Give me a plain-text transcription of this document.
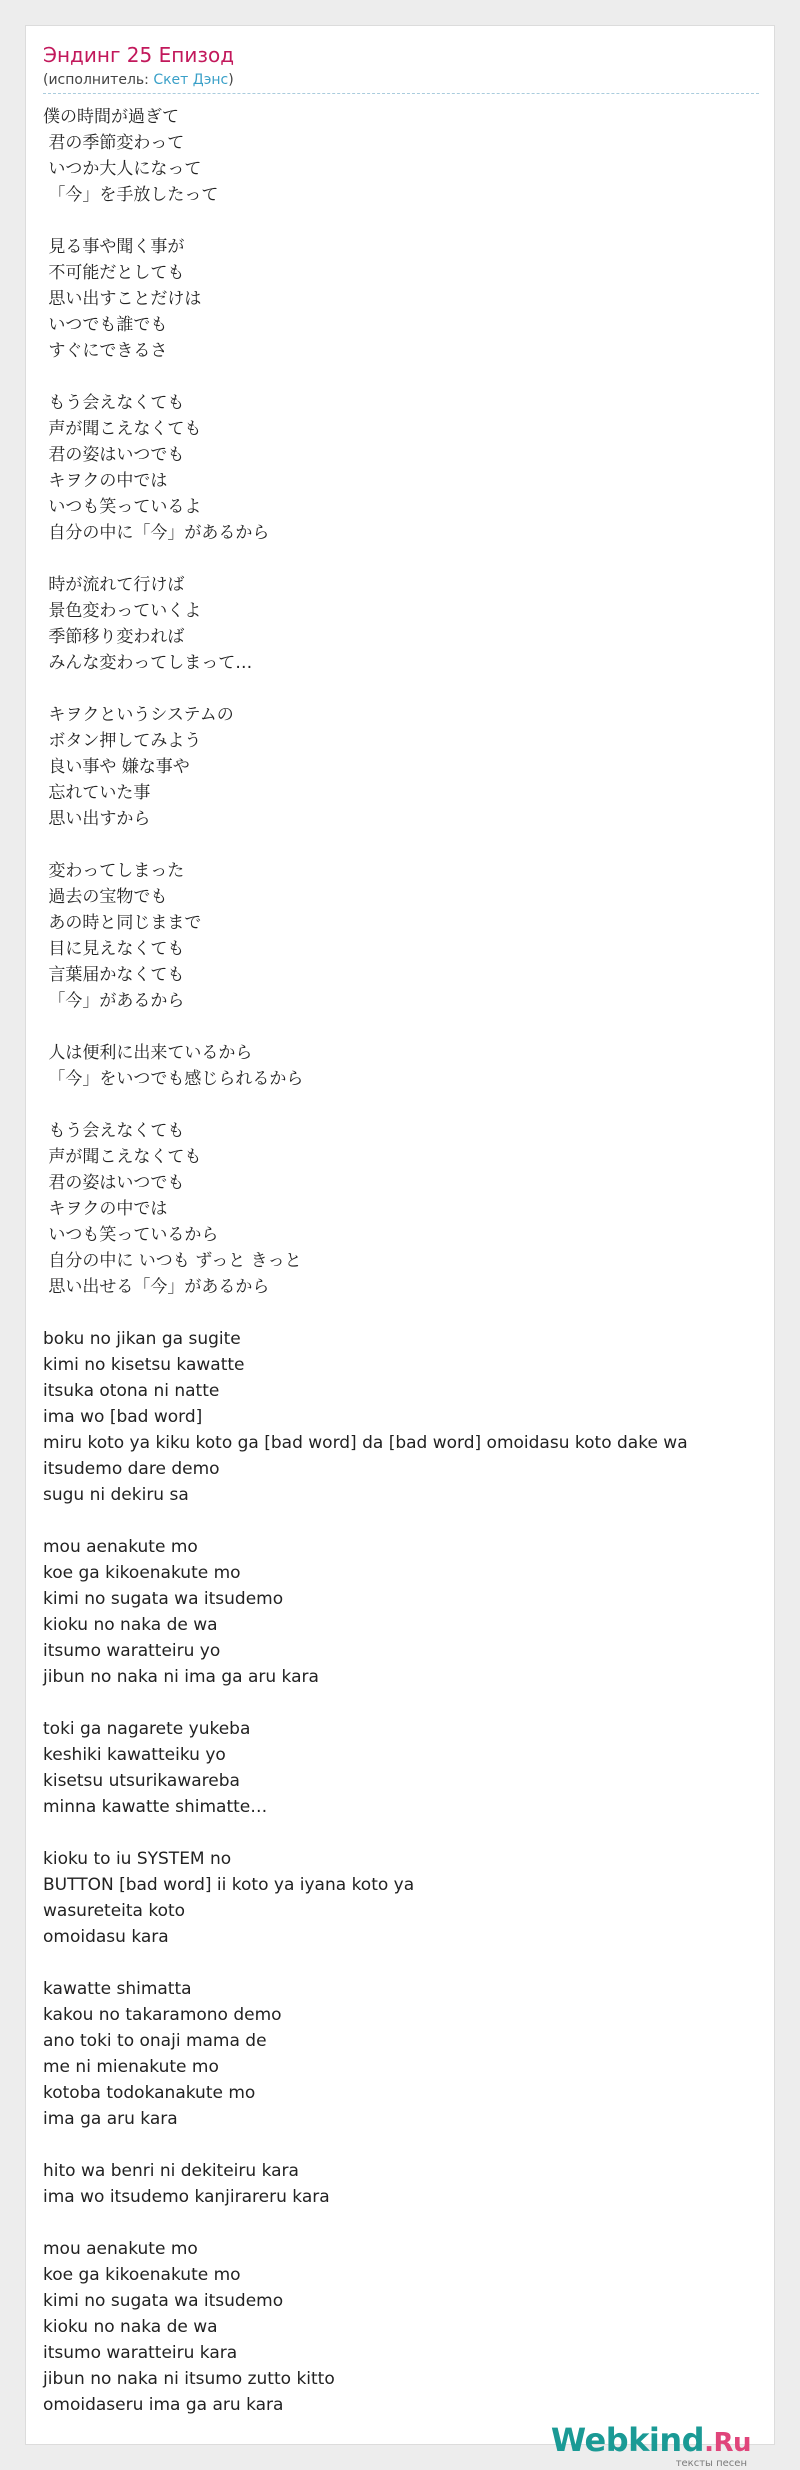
Эндинг 25 Епизод
(исполнитель: Скет Дэнс)
僕の時間が過ぎて
君の季節変わって
いつか大人になって
「今」を手放したって

見る事や聞く事が
不可能だとしても
思い出すことだけは
いつでも誰でも
すぐにできるさ

もう会えなくても
声が聞こえなくても
君の姿はいつでも
キヲクの中では
いつも笑っているよ
自分の中に「今」があるから

時が流れて行けば
景色変わっていくよ
季節移り変われば
みんな変わってしまって…

キヲクというシステムの
ボタン押してみよう
良い事や 嫌な事や
忘れていた事
思い出すから

変わってしまった
過去の宝物でも
あの時と同じままで
目に見えなくても
言葉届かなくても
「今」があるから

人は便利に出来ているから
「今」をいつでも感じられるから

もう会えなくても
声が聞こえなくても
君の姿はいつでも
キヲクの中では
いつも笑っているから
自分の中に いつも ずっと きっと
思い出せる「今」があるから

boku no jikan ga sugite
kimi no kisetsu kawatte
itsuka otona ni natte
ima wo [bad word]
miru koto ya kiku koto ga [bad word] da [bad word] omoidasu koto dake wa
itsudemo dare demo
sugu ni dekiru sa

mou aenakute mo
koe ga kikoenakute mo
kimi no sugata wa itsudemo
kioku no naka de wa
itsumo waratteiru yo
jibun no naka ni ima ga aru kara

toki ga nagarete yukeba
keshiki kawatteiku yo
kisetsu utsurikawareba
minna kawatte shimatte…

kioku to iu SYSTEM no
BUTTON [bad word] ii koto ya iyana koto ya
wasureteita koto
omoidasu kara

kawatte shimatta
kakou no takaramono demo
ano toki to onaji mama de
me ni mienakute mo
kotoba todokanakute mo
ima ga aru kara

hito wa benri ni dekiteiru kara
ima wo itsudemo kanjirareru kara

mou aenakute mo
koe ga kikoenakute mo
kimi no sugata wa itsudemo
kioku no naka de wa
itsumo waratteiru kara
jibun no naka ni itsumo zutto kitto
omoidaseru ima ga aru kara
Webkind.Ru
тексты песен
